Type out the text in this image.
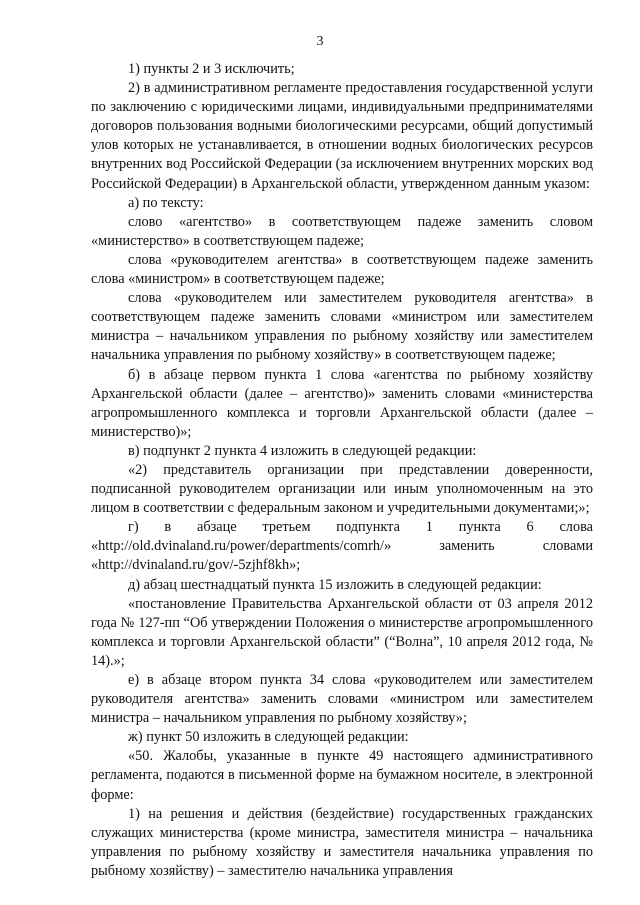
3

1) пункты 2 и 3 исключить;

2) в административном регламенте предоставления государственной услуги по заключению с юридическими лицами, индивидуальными предпринимателями договоров пользования водными биологическими ресурсами, общий допустимый улов которых не устанавливается, в отношении водных биологических ресурсов внутренних вод Российской Федерации (за исключением внутренних морских вод Российской Федерации) в Архангельской области, утвержденном данным указом:

а) по тексту:

слово «агентство» в соответствующем падеже заменить словом «министерство» в соответствующем падеже;

слова «руководителем агентства» в соответствующем падеже заменить слова «министром» в соответствующем падеже;

слова «руководителем или заместителем руководителя агентства» в соответствующем падеже заменить словами «министром или заместителем министра – начальником управления по рыбному хозяйству или заместителем начальника управления по рыбному хозяйству» в соответствующем падеже;

б) в абзаце первом пункта 1 слова «агентства по рыбному хозяйству Архангельской области (далее – агентство)» заменить словами «министерства агропромышленного комплекса и торговли Архангельской области (далее – министерство)»;

в) подпункт 2 пункта 4 изложить в следующей редакции:

«2) представитель организации при представлении доверенности, подписанной руководителем организации или иным уполномоченным на это лицом в соответствии с федеральным законом и учредительными документами;»;

г) в абзаце третьем подпункта 1 пункта 6 слова «http://old.dvinaland.ru/power/departments/comrh/» заменить словами «http://dvinaland.ru/gov/-5zjhf8kh»;

д) абзац шестнадцатый пункта 15 изложить в следующей редакции:

«постановление Правительства Архангельской области от 03 апреля 2012 года № 127-пп “Об утверждении Положения о министерстве агропромышленного комплекса и торговли Архангельской области” (“Волна”, 10 апреля 2012 года, № 14).»;

е) в абзаце втором пункта 34 слова «руководителем или заместителем руководителя агентства» заменить словами «министром или заместителем министра – начальником управления по рыбному хозяйству»;

ж) пункт 50 изложить в следующей редакции:

«50. Жалобы, указанные в пункте 49 настоящего административного регламента, подаются в письменной форме на бумажном носителе, в электронной форме:

1) на решения и действия (бездействие) государственных гражданских служащих министерства (кроме министра, заместителя министра – начальника управления по рыбному хозяйству и заместителя начальника управления по рыбному хозяйству) – заместителю начальника управления
